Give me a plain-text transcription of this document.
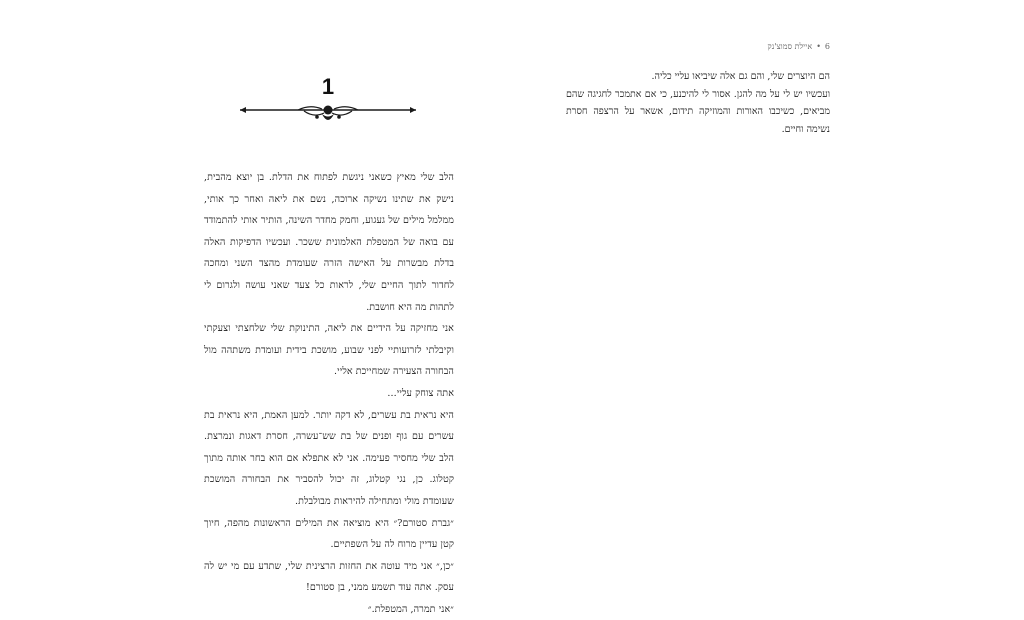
1

הלב שלי מאיץ כשאני ניגשת לפתוח את הדלת. בן יוצא מהבית, נישק את שתינו נשיקה ארוכה, נשם את ליאה ואחר כך אותי, ממלמל מילים של געגוע, וחמק מחדר השינה, הותיר אותי להתמודד עם בואה של המטפלת האלמונית ששכר. ועכשיו הדפיקות האלה בדלת מבשרות על האישה הזרה שעומדת מהצד השני ומחכה לחדור לתוך החיים שלי, לראות כל צעד שאני עושה ולגרום לי לתהות מה היא חושבת.

אני מחזיקה על הידיים את ליאה, התינוקת שלי שלחצתי וצעקתי וקיבלתי לזרועותיי לפני שבוע, מושכת בידית ועומדת משתהה מול הבחורה הצעירה שמחייכת אליי.

אתה צוחק עליי...

היא נראית בת עשרים, לא דקה יותר. למען האמת, היא נראית בת עשרים עם גוף ופנים של בת שש־עשרה, חסרת דאגות ונמרצת. הלב שלי מחסיר פעימה. אני לא אתפלא אם הוא בחר אותה מתוך קטלוג. כן, נגי קטלוג, זה יכול להסביר את הבחורה המושכת שעומדת מולי ומתחילה להיראות מבולבלת.

״גברת סטורם?״ היא מוציאה את המילים הראשונות מהפה, חיוך קטן עדיין מרוח לה על השפתיים.

״כן,״ אני מיד עוטה את החזות הרצינית שלי, שתדע עם מי יש לה עסק. אתה עוד תשמע ממני, בן סטורם!

״אני תמרה, המטפלת.״

6•איילת סמוצ'נק

הם היוצרים שלי, והם גם אלה שיביאו עליי כליה.

ועכשיו יש לי על מה להגן. אסור לי להיכנע, כי אם אתמכר לחגיגה שהם מביאים, כשיכבו האורות והמוזיקה תידום, אשאר על הרצפה חסרת נשימה וחיים.
